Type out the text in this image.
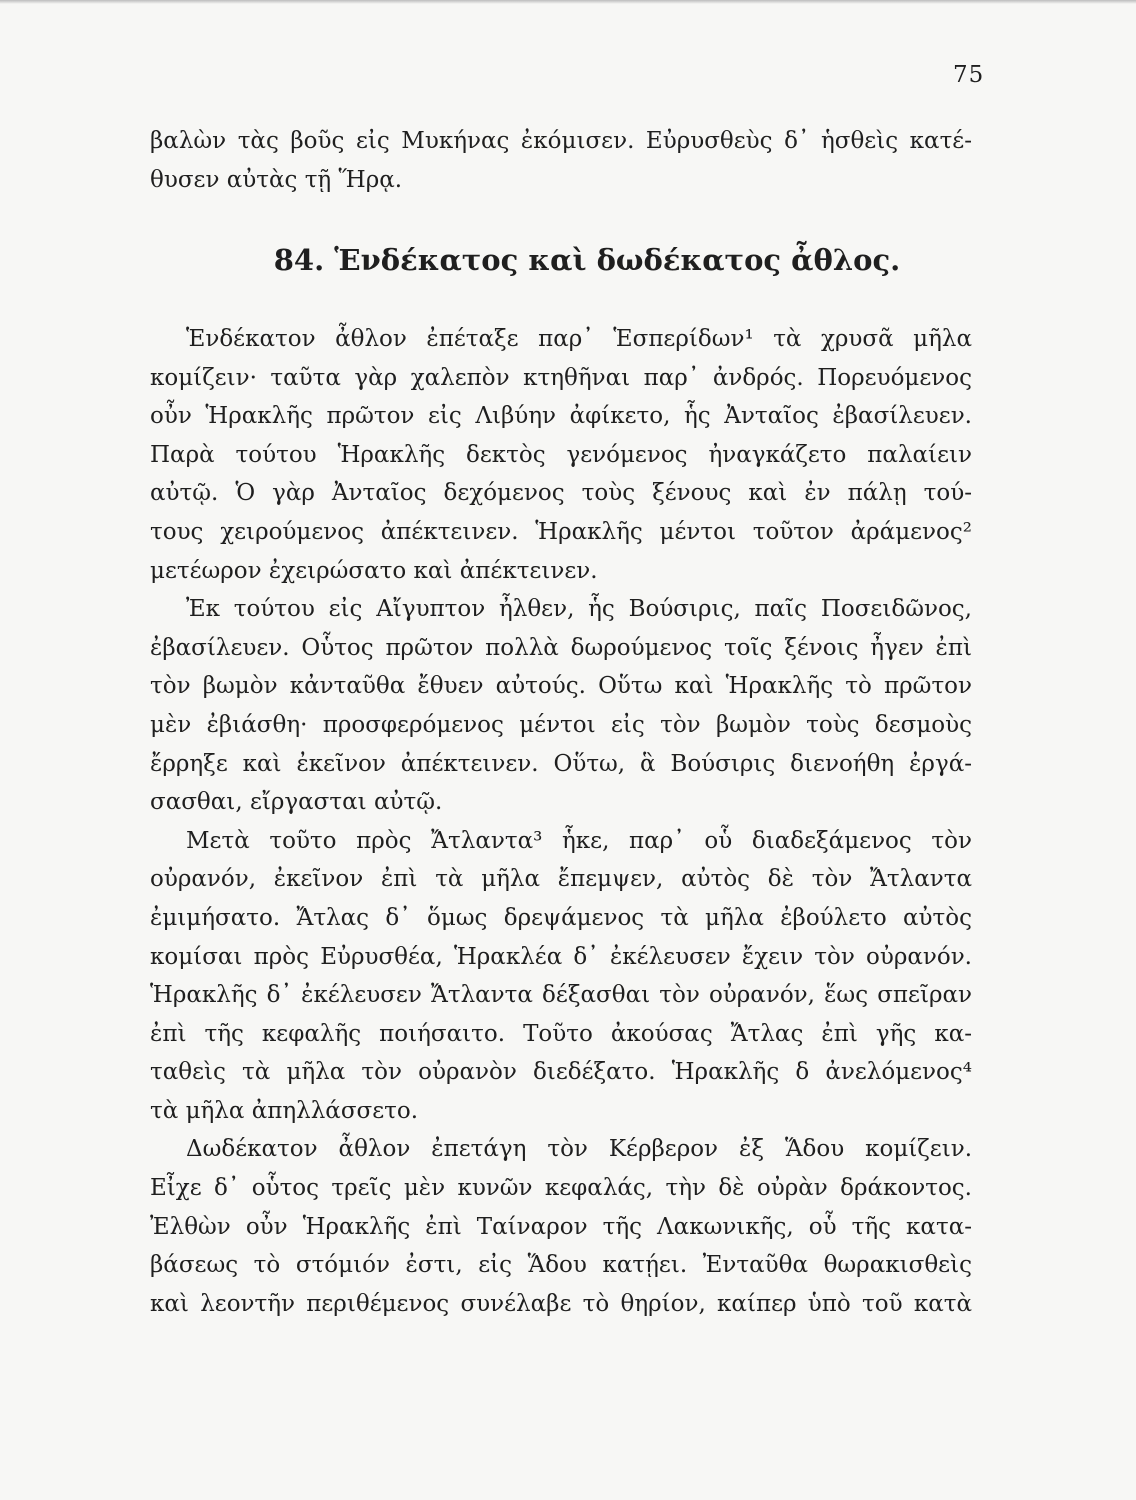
75
βαλὼν τὰς βοῦς εἰς Μυκήνας ἐκόμισεν. Εὐρυσθεὺς δ᾽ ἡσθεὶς κατέ-
θυσεν αὐτὰς τῇ Ἥρᾳ.
84. Ἑνδέκατος καὶ δωδέκατος ἆθλος.
Ἑνδέκατον ἆθλον ἐπέταξε παρ᾽ Ἑσπερίδων¹ τὰ χρυσᾶ μῆλα
κομίζειν· ταῦτα γὰρ χαλεπὸν κτηθῆναι παρ᾽ ἀνδρός. Πορευόμενος
οὖν Ἡρακλῆς πρῶτον εἰς Λιβύην ἀφίκετο, ἧς Ἀνταῖος ἐβασίλευεν.
Παρὰ τούτου Ἡρακλῆς δεκτὸς γενόμενος ἠναγκάζετο παλαίειν
αὐτῷ. Ὁ γὰρ Ἀνταῖος δεχόμενος τοὺς ξένους καὶ ἐν πάλῃ τού-
τους χειρούμενος ἀπέκτεινεν. Ἡρακλῆς μέντοι τοῦτον ἀράμενος²
μετέωρον ἐχειρώσατο καὶ ἀπέκτεινεν.
Ἐκ τούτου εἰς Αἴγυπτον ἦλθεν, ἧς Βούσιρις, παῖς Ποσειδῶνος,
ἐβασίλευεν. Οὗτος πρῶτον πολλὰ δωρούμενος τοῖς ξένοις ἦγεν ἐπὶ
τὸν βωμὸν κἀνταῦθα ἔθυεν αὐτούς. Οὕτω καὶ Ἡρακλῆς τὸ πρῶτον
μὲν ἐβιάσθη· προσφερόμενος μέντοι εἰς τὸν βωμὸν τοὺς δεσμοὺς
ἔρρηξε καὶ ἐκεῖνον ἀπέκτεινεν. Οὕτω, ἃ Βούσιρις διενοήθη ἐργά-
σασθαι, εἴργασται αὐτῷ.
Μετὰ τοῦτο πρὸς Ἄτλαντα³ ἧκε, παρ᾽ οὗ διαδεξάμενος τὸν
οὐρανόν, ἐκεῖνον ἐπὶ τὰ μῆλα ἔπεμψεν, αὐτὸς δὲ τὸν Ἄτλαντα
ἐμιμήσατο. Ἄτλας δ᾽ ὅμως δρεψάμενος τὰ μῆλα ἐβούλετο αὐτὸς
κομίσαι πρὸς Εὐρυσθέα, Ἡρακλέα δ᾽ ἐκέλευσεν ἔχειν τὸν οὐρανόν.
Ἡρακλῆς δ᾽ ἐκέλευσεν Ἄτλαντα δέξασθαι τὸν οὐρανόν, ἕως σπεῖραν
ἐπὶ τῆς κεφαλῆς ποιήσαιτο. Τοῦτο ἀκούσας Ἄτλας ἐπὶ γῆς κα-
ταθεὶς τὰ μῆλα τὸν οὐρανὸν διεδέξατο. Ἡρακλῆς δ ἀνελόμενος⁴
τὰ μῆλα ἀπηλλάσσετο.
Δωδέκατον ἆθλον ἐπετάγη τὸν Κέρβερον ἐξ Ἅδου κομίζειν.
Εἶχε δ᾽ οὗτος τρεῖς μὲν κυνῶν κεφαλάς, τὴν δὲ οὐρὰν δράκοντος.
Ἐλθὼν οὖν Ἡρακλῆς ἐπὶ Ταίναρον τῆς Λακωνικῆς, οὗ τῆς κατα-
βάσεως τὸ στόμιόν ἐστι, εἰς Ἅδου κατῄει. Ἐνταῦθα θωρακισθεὶς
καὶ λεοντῆν περιθέμενος συνέλαβε τὸ θηρίον, καίπερ ὑπὸ τοῦ κατὰ
